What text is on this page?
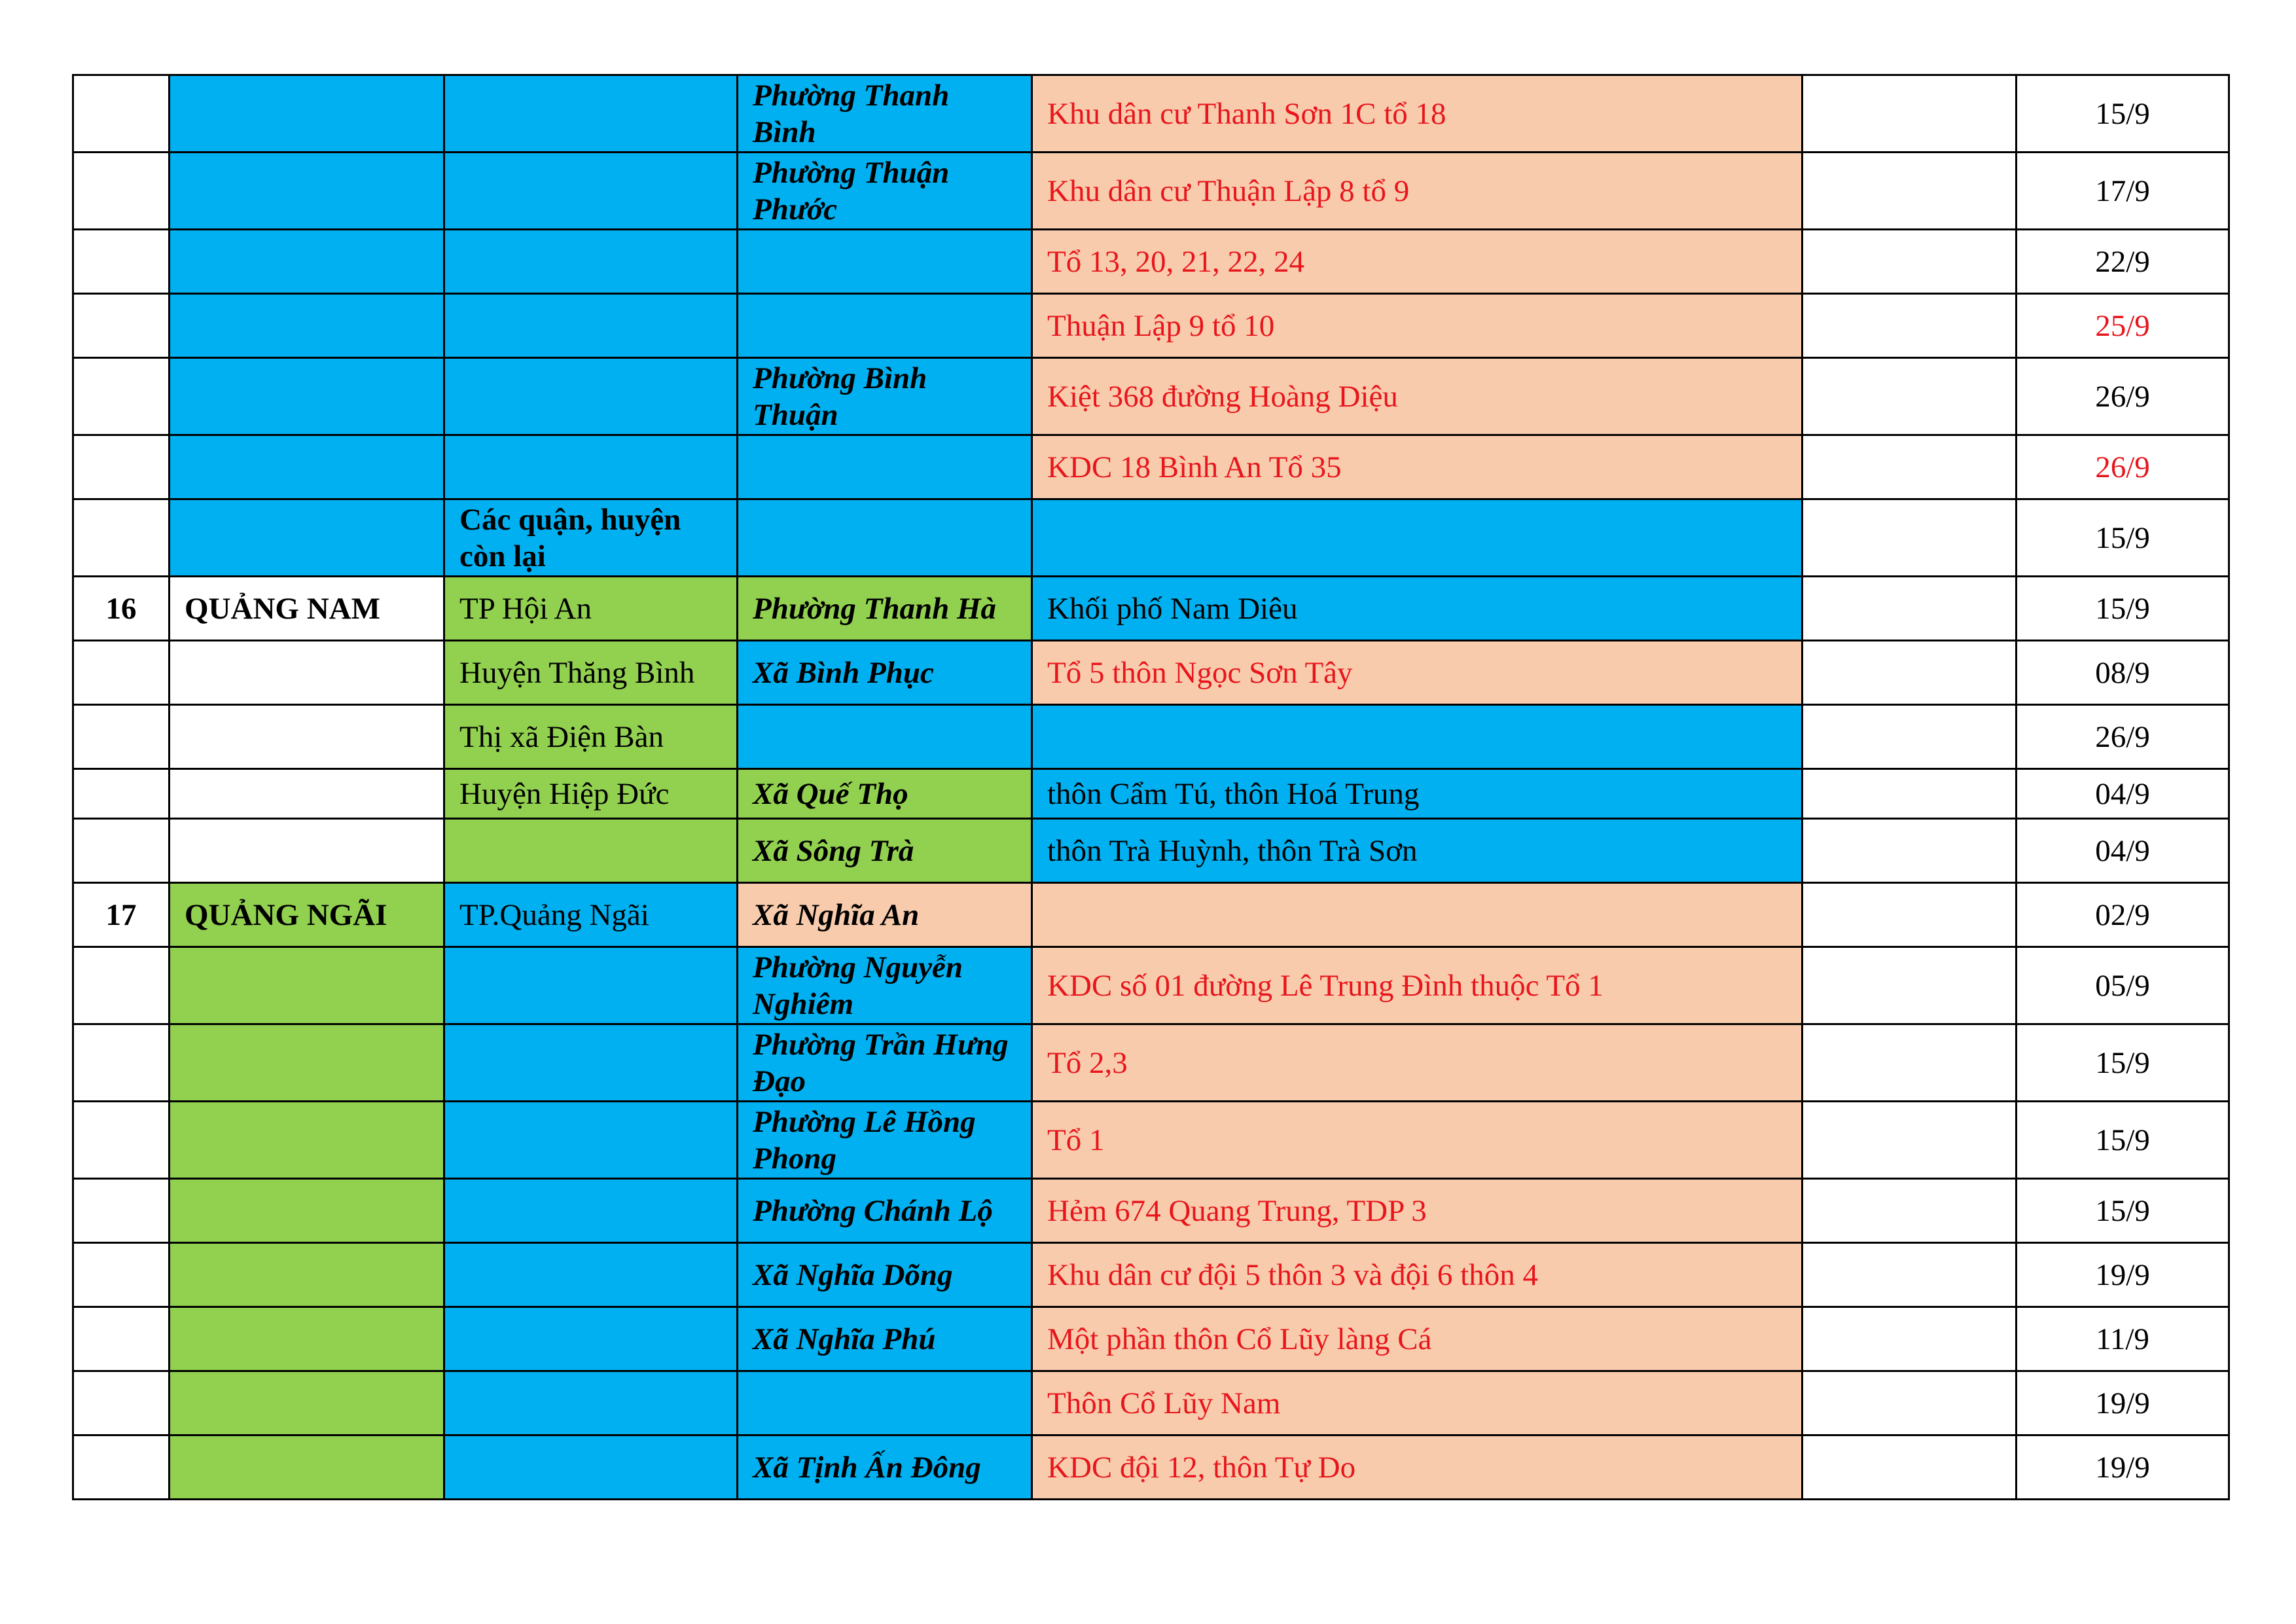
			Phường Thanh Bình	Khu dân cư Thanh Sơn 1C tổ 18		15/9
			Phường Thuận Phước	Khu dân cư Thuận Lập 8 tổ 9		17/9
				Tổ 13, 20, 21, 22, 24		22/9
				Thuận Lập 9 tổ 10		25/9
			Phường Bình Thuận	Kiệt 368 đường Hoàng Diệu		26/9
				KDC 18 Bình An Tổ 35		26/9
		Các quận, huyện còn lại				15/9
16	QUẢNG NAM	TP Hội An	Phường Thanh Hà	Khối phố Nam Diêu		15/9
		Huyện Thăng Bình	Xã Bình Phục	Tổ 5 thôn Ngọc Sơn Tây		08/9
		Thị xã Điện Bàn				26/9
		Huyện Hiệp Đức	Xã Quế Thọ	thôn Cẩm Tú, thôn Hoá Trung		04/9
			Xã Sông Trà	thôn Trà Huỳnh, thôn Trà Sơn		04/9
17	QUẢNG NGÃI	TP.Quảng Ngãi	Xã Nghĩa An			02/9
			Phường Nguyễn Nghiêm	KDC số 01 đường Lê Trung Đình thuộc Tổ 1		05/9
			Phường Trần Hưng Đạo	Tổ 2,3		15/9
			Phường Lê Hồng Phong	Tổ 1		15/9
			Phường Chánh Lộ	Hẻm 674 Quang Trung, TDP 3		15/9
			Xã Nghĩa Dõng	Khu dân cư đội 5 thôn 3 và đội 6 thôn 4		19/9
			Xã Nghĩa Phú	Một phần thôn Cổ Lũy làng Cá		11/9
				Thôn Cổ Lũy Nam		19/9
			Xã Tịnh Ấn Đông	KDC đội 12, thôn Tự Do		19/9
